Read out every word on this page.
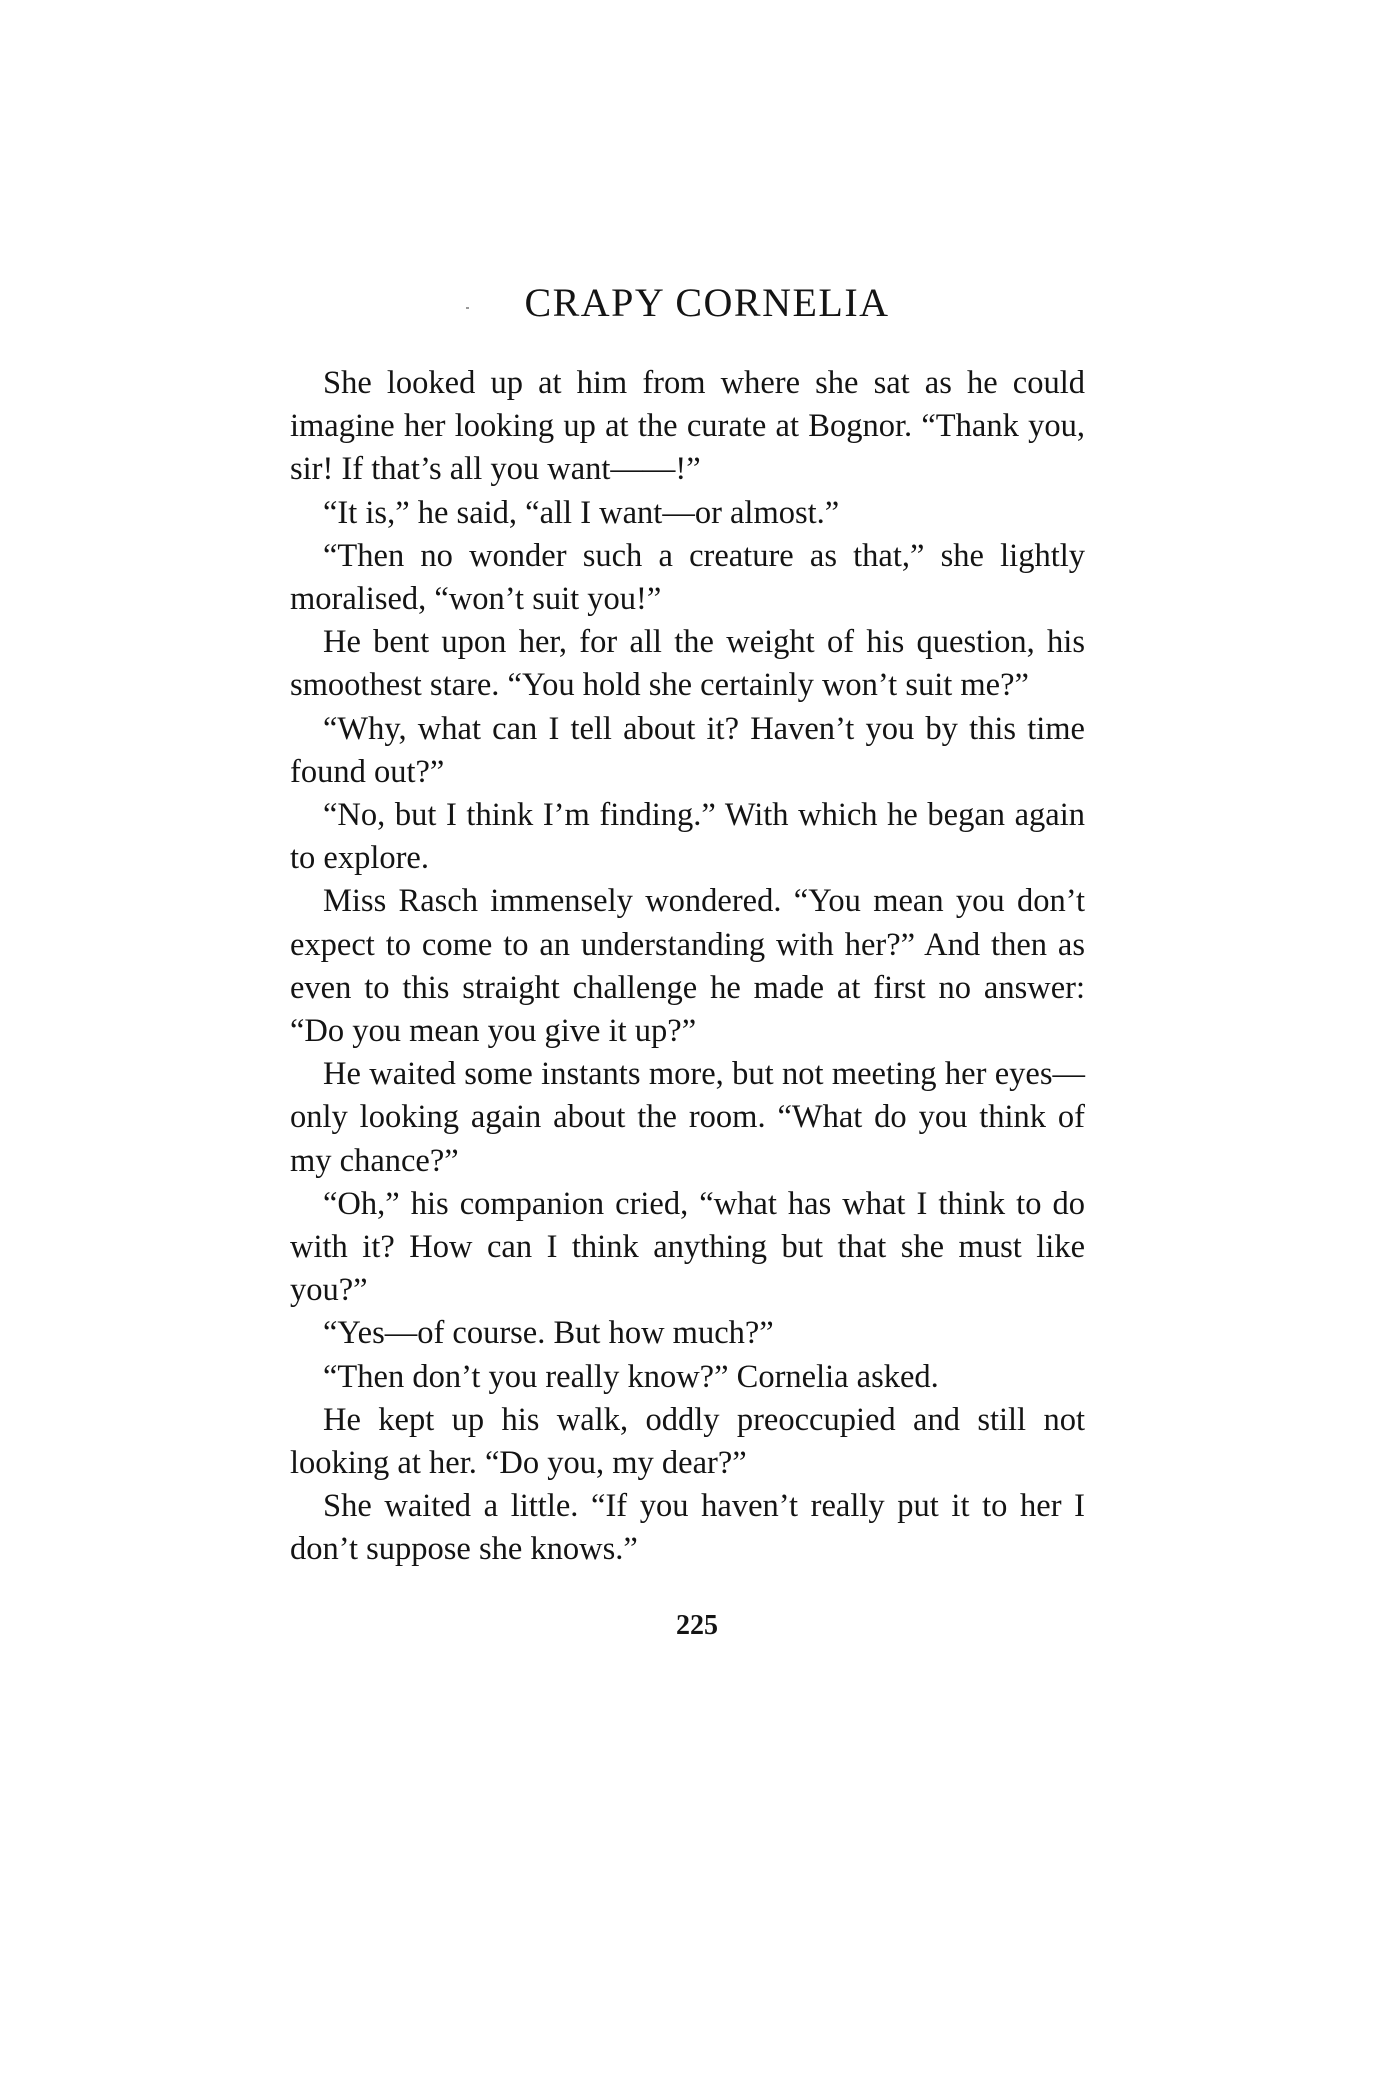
CRAPY CORNELIA

She looked up at him from where she sat as he could imagine her looking up at the curate at Bognor. “Thank you, sir! If that’s all you want——!”

“It is,” he said, “all I want—or almost.”

“Then no wonder such a creature as that,” she lightly moralised, “won’t suit you!”

He bent upon her, for all the weight of his question, his smoothest stare. “You hold she certainly won’t suit me?”

“Why, what can I tell about it? Haven’t you by this time found out?”

“No, but I think I’m finding.” With which he began again to explore.

Miss Rasch immensely wondered. “You mean you don’t expect to come to an understanding with her?” And then as even to this straight challenge he made at first no answer: “Do you mean you give it up?”

He waited some instants more, but not meeting her eyes—only looking again about the room. “What do you think of my chance?”

“Oh,” his companion cried, “what has what I think to do with it? How can I think anything but that she must like you?”

“Yes—of course. But how much?”

“Then don’t you really know?” Cornelia asked.

He kept up his walk, oddly preoccupied and still not looking at her. “Do you, my dear?”

She waited a little. “If you haven’t really put it to her I don’t suppose she knows.”

225
